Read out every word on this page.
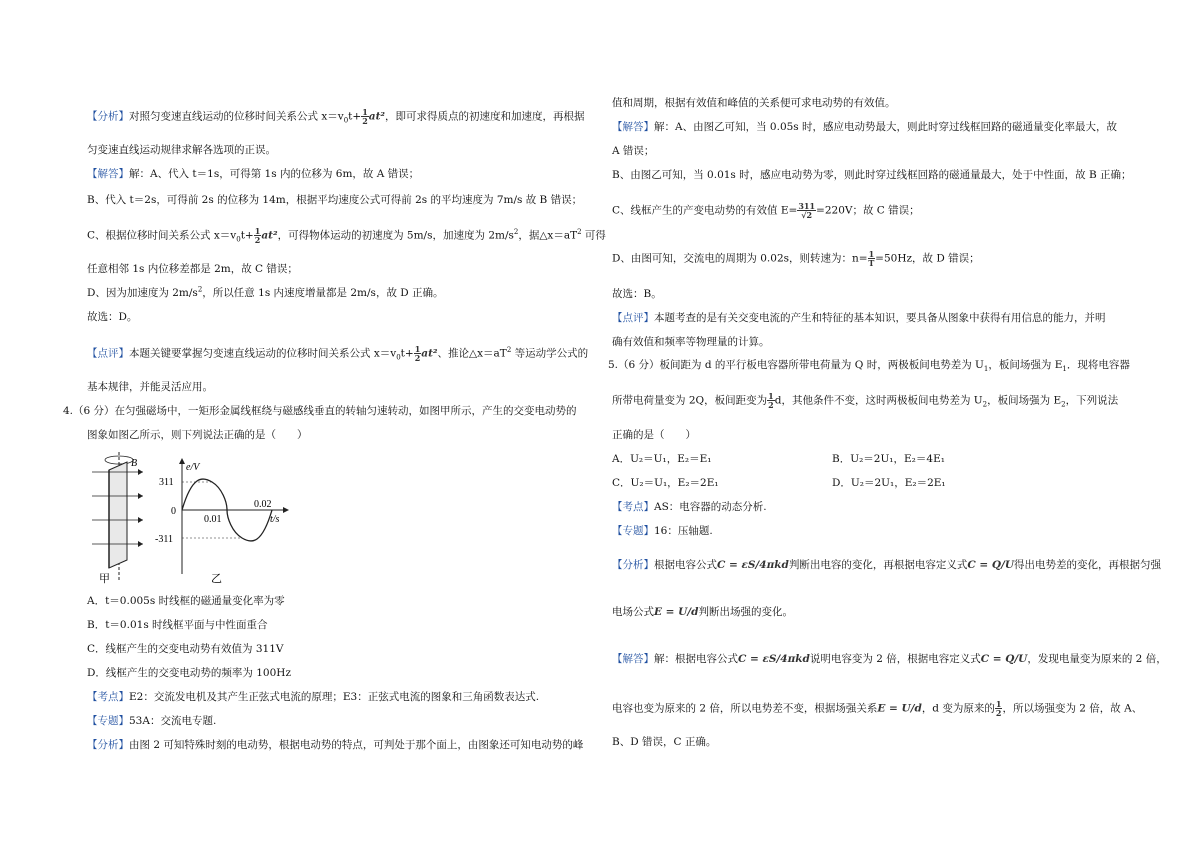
【分析】对照匀变速直线运动的位移时间关系公式 $x=v_0t+ \frac{1}{2} at^2$，即可求得质点的初速度和加速度，再根据
匀变速直线运动规律求解各选项的正误。
【解答】解：A、代入 t＝1s，可得第 1s 内的位移为 6m，故 A 错误；
B、代入 t＝2s，可得前 2s 的位移为 14m，根据平均速度公式可得前 2s 的平均速度为 7m/s 故 B 错误；
C、根据位移时间关系公式 $x=v_0t+ \frac{1}{2} at^2$，可得物体运动的初速度为 5m/s，加速度为 $2m/s^2$，据$\triangle x=aT^2$ 可得
任意相邻 1s 内位移差都是 2m，故 C 错误；
D、因为加速度为 $2m/s^2$，所以任意 1s 内速度增量都是 2m/s，故 D 正确。
故选：D。
【点评】本题关键要掌握匀变速直线运动的位移时间关系公式 $x=v_0t+ \frac{1}{2} at^2$、推论$\triangle x=aT^2$ 等运动学公式的
基本规律，并能灵活应用。
4.（6 分）在匀强磁场中，一矩形金属线框绕与磁感线垂直的转轴匀速转动，如图甲所示，产生的交变电动势的
图象如图乙所示，则下列说法正确的是（　　）
A．t＝0.005s 时线框的磁通量变化率为零
B．t＝0.01s 时线框平面与中性面重合
C．线框产生的交变电动势有效值为 311V
D．线框产生的交变电动势的频率为 100Hz
【考点】E2：交流发电机及其产生正弦式电流的原理；E3：正弦式电流的图象和三角函数表达式.
【专题】53A：交流电专题.
【分析】由图 2 可知特殊时刻的电动势，根据电动势的特点，可判处于那个面上，由图象还可知电动势的峰
B
甲
e/V
311
0
-311
0.01
0.02
t/s
乙
值和周期，根据有效值和峰值的关系便可求电动势的有效值。
【解答】解：A、由图乙可知，当 0.05s 时，感应电动势最大，则此时穿过线框回路的磁通量变化率最大，故
A 错误；
B、由图乙可知，当 0.01s 时，感应电动势为零，则此时穿过线框回路的磁通量最大，处于中性面，故 B 正确；
C、线框产生的产变电动势的有效值 $E= \frac{311}{√2} =220V$；故 C 错误；
D、由图可知，交流电的周期为 0.02s，则转速为：$n= \frac{1}{T} =50Hz$，故 D 错误；
故选：B。
【点评】本题考查的是有关交变电流的产生和特征的基本知识，要具备从图象中获得有用信息的能力，并明
确有效值和频率等物理量的计算。
5.（6 分）板间距为 d 的平行板电容器所带电荷量为 Q 时，两极板间电势差为 $U_1$，板间场强为 $E_1$．现将电容器
所带电荷量变为 2Q，板间距变为 $\frac{1}{2}$ d，其他条件不变，这时两极板间电势差为 $U_2$，板间场强为 $E_2$，下列说法
正确的是（　　）
A．U₂＝U₁，E₂＝E₁	B．U₂＝2U₁，E₂＝4E₁
C．U₂＝U₁，E₂＝2E₁	D．U₂＝2U₁，E₂＝2E₁
【考点】AS：电容器的动态分析.
【专题】16：压轴题.
【分析】根据电容公式C = εS/4πkd判断出电容的变化，再根据电容定义式C = Q/U得出电势差的变化，再根据匀强
电场公式E = U/d判断出场强的变化。
【解答】解：根据电容公式C = εS/4πkd说明电容变为 2 倍，根据电容定义式C = Q/U，发现电量变为原来的 2 倍，
电容也变为原来的 2 倍，所以电势差不变，根据场强关系E = U/d，d 变为原来的 $\frac{1}{2}$ ，所以场强变为 2 倍，故 A、
B、D 错误，C 正确。
